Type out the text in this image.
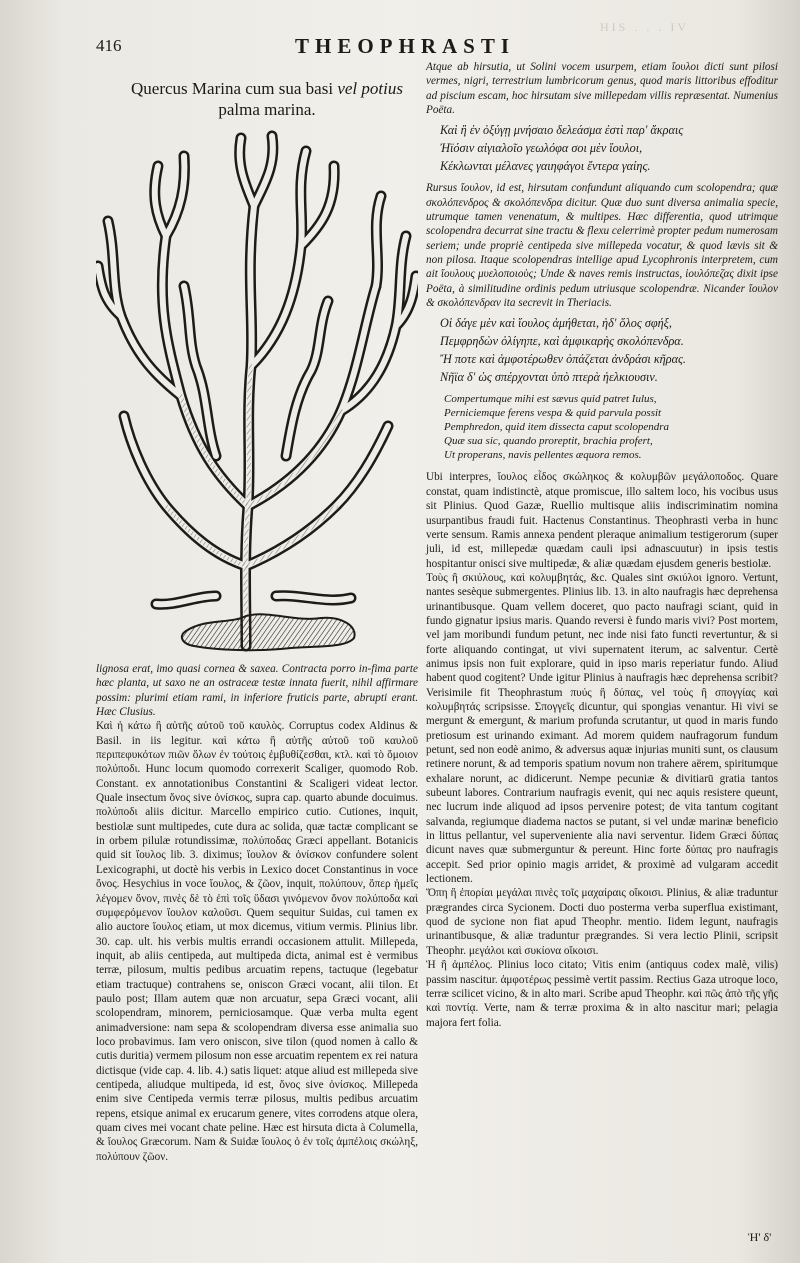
HIS . . . IV
416	THEOPHRASTI
Quercus Marina cum sua basi vel potius palma marina.

lignosa erat, imo quasi cornea & saxea. Contracta porro in-fima parte hæc planta, ut saxo ne an ostraceæ testæ innata fuerit, nihil affirmare possim: plurimi etiam rami, in inferiore fruticis parte, abrupti erant. Hæc Clusius.

Καὶ ἡ κάτω ἢ αὐτῆς αὐτοῦ τοῦ καυλὸς. Corruptus codex Aldinus & Basil. in iis legitur. καὶ κάτω ἢ αὐτῆς αὐτοῦ τοῦ καυλοῦ περιπεφυκότων πιῶν ὅλων ἐν τούτοις ἐμβυθίζεσθαι, κτλ. καὶ τὸ ὅμοιον πολύποδι. Hunc locum quomodo correxerit Scaliger, quomodo Rob. Constant. ex annotationibus Constantini & Scaligeri videat lector. Quale insectum ὄνος sive ὀνίσκος, supra cap. quarto abunde docuimus. πολύποδι aliis dicitur. Marcello empirico cutio. Cutiones, inquit, bestiolæ sunt multipedes, cute dura ac solida, quæ tactæ complicant se in orbem pilulæ rotundissimæ, πολύποδας Græci appellant. Botanicis quid sit ἴουλος lib. 3. diximus; ἴουλον & ὀνίσκον confundere solent Lexicographi, ut doctè his verbis in Lexico docet Constantinus in voce ὄνος. Hesychius in voce ἴουλος, & ζῶον, inquit, πολύπουν, ὅπερ ἡμεῖς λέγομεν ὄνον, πινὲς δὲ τὸ ἐπὶ τοῖς ὕδασι γινόμενον ὄνον πολύποδα καὶ συμφερόμενον ἴουλον καλοῦσι. Quem sequitur Suidas, cui tamen ex alio auctore ἴουλος etiam, ut mox dicemus, vitium vermis. Plinius libr. 30. cap. ult. his verbis multis errandi occasionem attulit. Millepeda, inquit, ab aliis centipeda, aut multipeda dicta, animal est è vermibus terræ, pilosum, multis pedibus arcuatim repens, tactuque (legebatur etiam tractuque) contrahens se, oniscon Græci vocant, alii tilon. Et paulo post; Illam autem quæ non arcuatur, sepa Græci vocant, alii scolopendram, minorem, perniciosamque. Quæ verba multa egent animadversione: nam sepa & scolopendram diversa esse animalia suo loco probavimus. Iam vero oniscon, sive tilon (quod nomen à callo & cutis duritia) vermem pilosum non esse arcuatim repentem ex rei natura dictisque (vide cap. 4. lib. 4.) satis liquet: atque aliud est millepeda sive centipeda, aliudque multipeda, id est, ὄνος sive ὀνίσκος. Millepeda enim sive Centipeda vermis terræ pilosus, multis pedibus arcuatim repens, etsique animal ex erucarum genere, vites corrodens atque olera, quam cives mei vocant chate peline. Hæc est hirsuta dicta à Columella, & ἴουλος Græcorum. Nam & Suidæ ἴουλος ὁ ἐν τοῖς ἀμπέλοις σκώληξ, πολύπουν ζῶον.

Atque ab hirsutia, ut Solini vocem usurpem, etiam ἴουλοι dicti sunt pilosi vermes, nigri, terrestrium lumbricorum genus, quod maris littoribus effoditur ad piscium escam, hoc hirsutam sive millepedam villis repræsentat. Numenius Poëta.

Καὶ ἢ ἐν ὀξύγῃ μνήσαιο δελεάσμα ἐστὶ παρ' ἄκραις
Ἠϊόσιν αἰγιαλοῖο γεωλόφα σοι μὲν ἴουλοι,
Κέκλωνται μέλανες γαιηφάγοι ἔντερα γαίης.

Rursus ἴουλον, id est, hirsutam confundunt aliquando cum scolopendra; quæ σκολόπενδρος & σκολόπενδρα dicitur. Quæ duo sunt diversa animalia specie, utrumque tamen venenatum, & multipes. Hæc differentia, quod utrimque scolopendra decurrat sine tractu & flexu celerrimè propter pedum numerosam seriem; unde propriè centipeda sive millepeda vocatur, & quod lævis sit & non pilosa. Itaque scolopendras intellige apud Lycophronis interpretem, cum ait ἴουλους μυελοποιοὺς; Unde & naves remis instructas, ἰουλόπεζας dixit ipse Poëta, à similitudine ordinis pedum utriusque scolopendræ. Nicander ἴουλον & σκολόπενδραν ita secrevit in Theriacis.

Οἱ δάγε μὲν καὶ ἴουλος ἀμήθεται, ἠδ' ὅλος σφήξ,
Πεμφρηδὼν ὀλίγηπε, καὶ ἀμφικαρὴς σκολόπενδρα.
Ἤ ποτε καὶ ἀμφοτέρωθεν ὀπάζεται ἀνδράσι κῆρας.
Νῆϊα δ' ὡς σπέρχονται ὑπὸ πτερὰ ἠελκιουσιν.
Compertumque mihi est sævus quid patret Iulus,
Perniciemque ferens vespa & quid parvula possit
Pemphredon, quid item dissecta caput scolopendra
Quæ sua sic, quando proreptit, brachia profert,
Ut properans, navis pellentes æquora remos.

Ubi interpres, ἴουλος εἶδος σκώληκος & κολυμβῶν μεγάλοποδος. Quare constat, quam indistinctè, atque promiscue, illo saltem loco, his vocibus usus sit Plinius. Quod Gazæ, Ruellio multisque aliis indiscriminatim nomina usurpantibus fraudi fuit. Hactenus Constantinus. Theophrasti verba in hunc verte sensum. Ramis annexa pendent pleraque animalium testigerorum (super juli, id est, millepedæ quædam cauli ipsi adnascuutur) in ipsis testis hospitantur onisci sive multipedæ, & aliæ quædam ejusdem generis bestiolæ.

Τοὺς ἢ σκιύλους, καὶ κολυμβητάς, &c. Quales sint σκιύλοι ignoro. Vertunt, nantes sesèque submergentes. Plinius lib. 13. in alto naufragis hæc deprehensa urinantibusque. Quam vellem doceret, quo pacto naufragi sciant, quid in fundo gignatur ipsius maris. Quando reversi è fundo maris vivi? Post mortem, vel jam moribundi fundum petunt, nec inde nisi fato functi revertuntur, & si forte aliquando contingat, ut vivi supernatent iterum, ac salventur. Certè animus ipsis non fuit explorare, quid in ipso maris reperiatur fundo. Aliud habent quod cogitent? Unde igitur Plinius à naufragis hæc deprehensa scribit? Verisimile fit Theophrastum πυύς ἢ δύπας, vel τοὺς ἢ σπογγίας καὶ κολυμβητάς scripsisse. Σπογγεῖς dicuntur, qui spongias venantur. Hi vivi se mergunt & emergunt, & marium profunda scrutantur, ut quod in maris fundo pretiosum est urinando eximant. Ad morem quidem naufragorum fundum petunt, sed non eodè animo, & adversus aquæ injurias muniti sunt, os clausum retinere norunt, & ad temporis spatium novum non trahere aërem, spiritumque exhalare norunt, ac didicerunt. Nempe pecuniæ & divitiarū gratia tantos subeunt labores. Contrarium naufragis evenit, qui nec aquis resistere queunt, nec lucrum inde aliquod ad ipsos pervenire potest; de vita tantum cogitant salvanda, regiumque diadema nactos se putant, si vel undæ marinæ beneficio in littus pellantur, vel superveniente alia navi serventur. Iidem Græci δύπας dicunt naves quæ submerguntur & pereunt. Hinc forte δύπας pro naufragis accepit. Sed prior opinio magis arridet, & proximè ad vulgaram accedit lectionem.

Ὅπη ἢ ἐπορίαι μεγάλαι πινὲς τοῖς μαχαίραις οἴκοισι. Plinius, & aliæ traduntur prægrandes circa Sycionem. Docti duo posterma verba superflua existimant, quod de sycione non fiat apud Theophr. mentio. Iidem legunt, naufragis urinantibusque, & aliæ traduntur prægrandes. Si vera lectio Plinii, scripsit Theophr. μεγάλοι καὶ συκίονα οἴκοισι.

Ἡ ἢ ἀμπέλος. Plinius loco citato; Vitis enim (antiquus codex malè, vilis) passim nascitur. ἀμφοτέρως pessimè vertit passim. Rectius Gaza utroque loco, terræ scilicet vicino, & in alto mari. Scribe apud Theophr. καὶ πῶς ἀπὸ τῆς γῆς καὶ ποντίᾳ. Verte, nam & terræ proxima & in alto nascitur mari; pelagia majora fert folia.

Ἡ' δ'
